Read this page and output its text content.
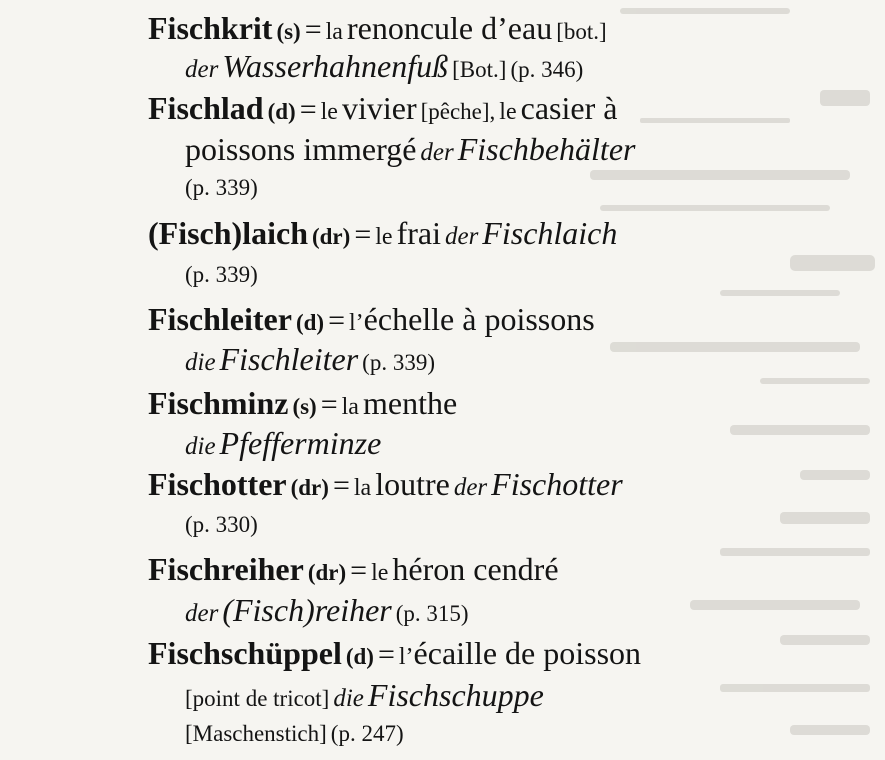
Fischkrit (s) = la renoncule d’eau [bot.]
der Wasserhahnenfuß [Bot.] (p. 346)
Fischlad (d) = le vivier [pêche], le casier à
poissons immergé der Fischbehälter
(p. 339)
(Fisch)laich (dr) = le frai der Fischlaich
(p. 339)
Fischleiter (d) = l’échelle à poissons
die Fischleiter (p. 339)
Fischminz (s) = la menthe
die Pfefferminze
Fischotter (dr) = la loutre der Fischotter
(p. 330)
Fischreiher (dr) = le héron cendré
der (Fisch)reiher (p. 315)
Fischschüppel (d) = l’écaille de poisson
[point de tricot] die Fischschuppe
[Maschenstich] (p. 247)
